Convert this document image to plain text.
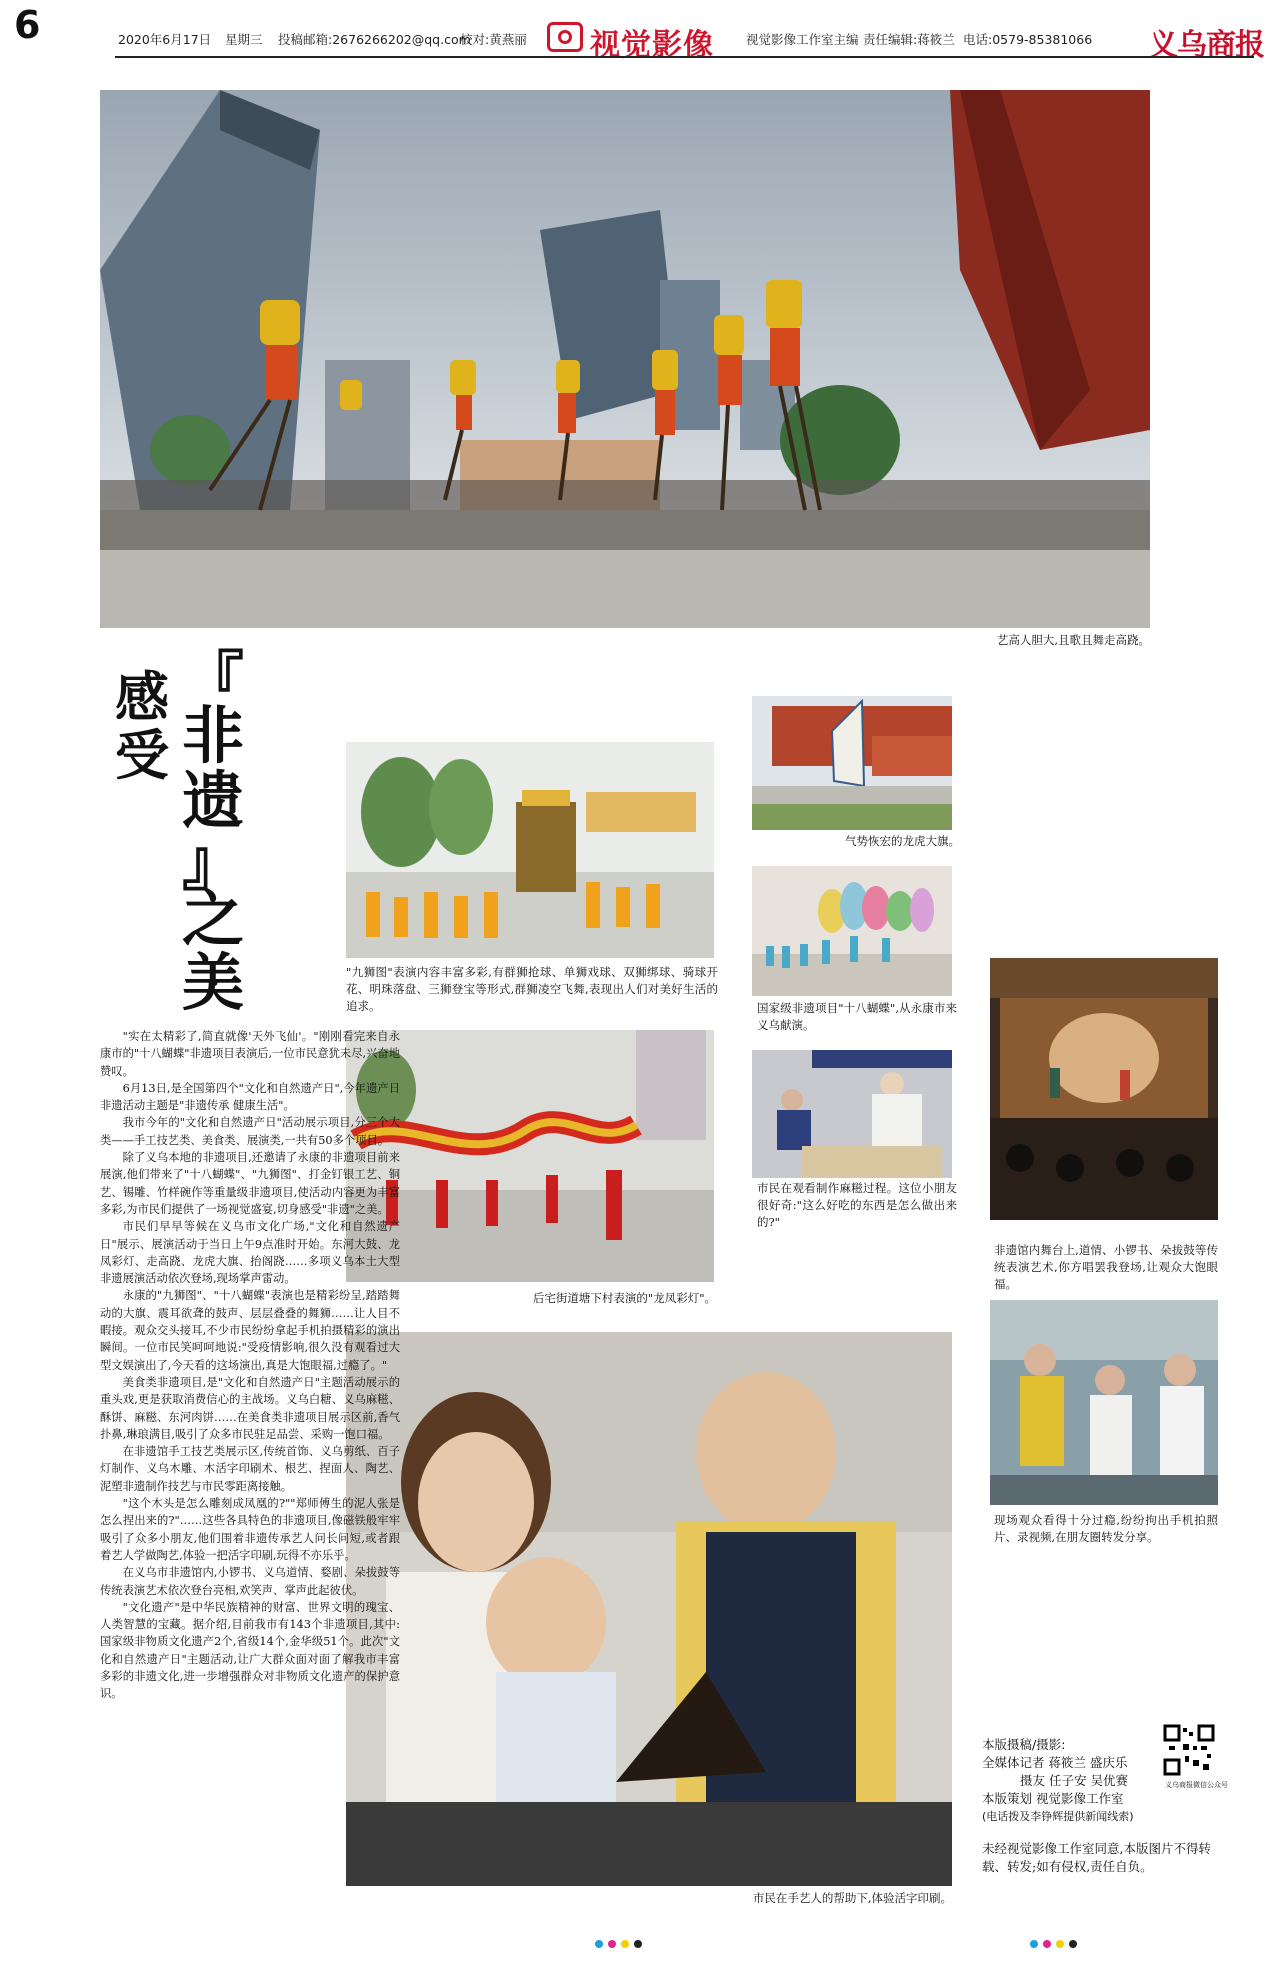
6	2020年6月17日 星期三 投稿邮箱:2676266202@qq.com
校对:黄燕丽 视觉影像	视觉影像工作室主编 责任编辑:蒋筱兰 电话:0579-85381066 义乌商报
艺高人胆大,且歌且舞走高跷。
感
受
『
非
遗
』
之
美	"九狮图"表演内容丰富多彩,有群狮抢球、单狮戏球、双狮绑球、骑球开花、明珠落盘、三狮登宝等形式,群狮凌空飞舞,表现出人们对美好生活的追求。
气势恢宏的龙虎大旗。
国家级非遗项目"十八蝴蝶",从永康市来义乌献演。
后宅街道塘下村表演的"龙凤彩灯"。
市民在观看制作麻糍过程。这位小朋友很好奇:"这么好吃的东西是怎么做出来的?"
非遗馆内舞台上,道情、小锣书、朵拔鼓等传统表演艺术,你方唱罢我登场,让观众大饱眼福。
现场观众看得十分过瘾,纷纷拘出手机拍照片、录视频,在朋友圈转发分享。
市民在手艺人的帮助下,体验活字印刷。

"实在太精彩了,简直就像'天外飞仙'。"刚刚看完来自永康市的"十八蝴蝶"非遗项目表演后,一位市民意犹未尽,兴奋地赞叹。

6月13日,是全国第四个"文化和自然遗产日",今年遗产日非遗活动主题是"非遗传承 健康生活"。

我市今年的"文化和自然遗产日"活动展示项目,分三个大类——手工技艺类、美食类、展演类,一共有50多个项目。

除了义乌本地的非遗项目,还邀请了永康的非遗项目前来展演,他们带来了"十八蝴蝶"、"九狮图"、打金钉银工艺、铜艺、锡雕、竹样碗作等重量级非遗项目,使活动内容更为丰富多彩,为市民们提供了一场视觉盛宴,切身感受"非遗"之美。

市民们早早等候在义乌市文化广场,"文化和自然遗产日"展示、展演活动于当日上午9点准时开始。东河大鼓、龙凤彩灯、走高跷、龙虎大旗、抬阁跷……多项义乌本土大型非遗展演活动依次登场,现场掌声雷动。

永康的"九狮图"、"十八蝴蝶"表演也是精彩纷呈,踏踏舞动的大旗、震耳欲聋的鼓声、层层叠叠的舞狮……让人目不暇接。观众交头接耳,不少市民纷纷拿起手机拍摄精彩的演出瞬间。一位市民笑呵呵地说:"受疫情影响,很久没有观看过大型文娱演出了,今天看的这场演出,真是大饱眼福,过瘾了。"

美食类非遗项目,是"文化和自然遗产日"主题活动展示的重头戏,更是获取消费信心的主战场。义乌白糖、义乌麻糍、酥饼、麻糍、东河肉饼……在美食类非遗项目展示区前,香气扑鼻,琳琅满目,吸引了众多市民驻足品尝、采购一饱口福。

在非遗馆手工技艺类展示区,传统首饰、义乌剪纸、百子灯制作、义乌木雕、木活字印刷术、根艺、捏面人、陶艺、泥塑非遗制作技艺与市民零距离接触。

"这个木头是怎么雕刻成凤凰的?""郑师傅生的泥人张是怎么捏出来的?"……这些各具特色的非遗项目,像磁铁般牢牢吸引了众多小朋友,他们围着非遗传承艺人问长问短,或者跟着艺人学做陶艺,体验一把活字印刷,玩得不亦乐乎。

在义乌市非遗馆内,小锣书、义乌道情、婺剧、朵拔鼓等传统表演艺术依次登台亮相,欢笑声、掌声此起彼伏。

"文化遗产"是中华民族精神的财富、世界文明的瑰宝、人类智慧的宝藏。据介绍,目前我市有143个非遗项目,其中:国家级非物质文化遗产2个,省级14个,金华级51个。此次"文化和自然遗产日"主题活动,让广大群众面对面了解我市丰富多彩的非遗文化,进一步增强群众对非物质文化遗产的保护意识。

本版摄稿/摄影:
全媒体记者 蒋筱兰 盛庆乐
摄友 任子安 吴优赛
本版策划 视觉影像工作室
(电话拨及李铮辉提供新闻线索)
义乌商报微信公众号
未经视觉影像工作室同意,本版图片不得转载、转发;如有侵权,责任自负。
